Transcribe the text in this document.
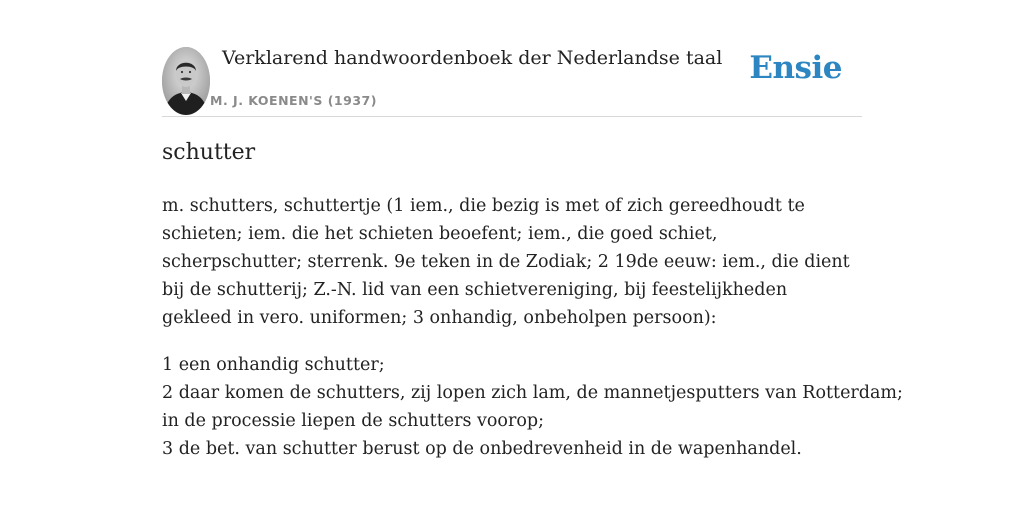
Verklarend handwoordenboek der Nederlandse taal
M. J. KOENEN'S (1937)
Ensie
schutter

m. schutters, schuttertje (1 iem., die bezig is met of zich gereedhoudt te schieten; iem. die het schieten beoefent; iem., die goed schiet, scherpschutter; sterrenk. 9e teken in de Zodiak; 2 19de eeuw: iem., die dient bij de schutterij; Z.-N. lid van een schietvereniging, bij feestelijkheden gekleed in vero. uniformen; 3 onhandig, onbeholpen persoon):

1 een onhandig schutter;
2 daar komen de schutters, zij lopen zich lam, de mannetjesputters van Rotterdam;
in de processie liepen de schutters voorop;
3 de bet. van schutter berust op de onbedrevenheid in de wapenhandel.
